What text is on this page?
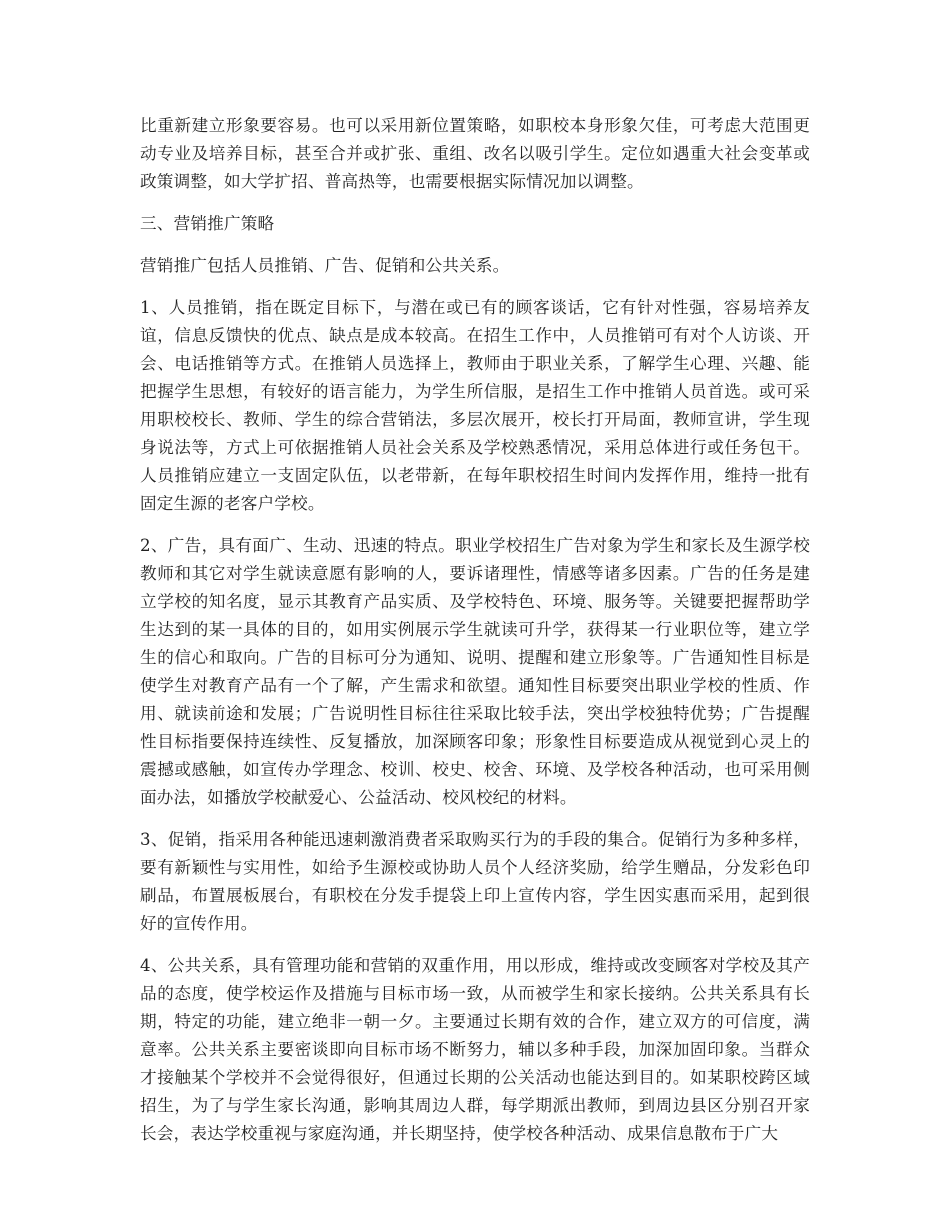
比重新建立形象要容易。也可以采用新位置策略，如职校本身形象欠佳，可考虑大范围更动专业及培养目标，甚至合并或扩张、重组、改名以吸引学生。定位如遇重大社会变革或政策调整，如大学扩招、普高热等，也需要根据实际情况加以调整。

三、营销推广策略

营销推广包括人员推销、广告、促销和公共关系。

1、人员推销，指在既定目标下，与潜在或已有的顾客谈话，它有针对性强，容易培养友谊，信息反馈快的优点、缺点是成本较高。在招生工作中，人员推销可有对个人访谈、开会、电话推销等方式。在推销人员选择上，教师由于职业关系，了解学生心理、兴趣、能把握学生思想，有较好的语言能力，为学生所信服，是招生工作中推销人员首选。或可采用职校校长、教师、学生的综合营销法，多层次展开，校长打开局面，教师宣讲，学生现身说法等，方式上可依据推销人员社会关系及学校熟悉情况，采用总体进行或任务包干。人员推销应建立一支固定队伍，以老带新，在每年职校招生时间内发挥作用，维持一批有固定生源的老客户学校。

2、广告，具有面广、生动、迅速的特点。职业学校招生广告对象为学生和家长及生源学校教师和其它对学生就读意愿有影响的人，要诉诸理性，情感等诸多因素。广告的任务是建立学校的知名度，显示其教育产品实质、及学校特色、环境、服务等。关键要把握帮助学生达到的某一具体的目的，如用实例展示学生就读可升学，获得某一行业职位等，建立学生的信心和取向。广告的目标可分为通知、说明、提醒和建立形象等。广告通知性目标是使学生对教育产品有一个了解，产生需求和欲望。通知性目标要突出职业学校的性质、作用、就读前途和发展；广告说明性目标往往采取比较手法，突出学校独特优势；广告提醒性目标指要保持连续性、反复播放，加深顾客印象；形象性目标要造成从视觉到心灵上的震撼或感触，如宣传办学理念、校训、校史、校舍、环境、及学校各种活动，也可采用侧面办法，如播放学校献爱心、公益活动、校风校纪的材料。

3、促销，指采用各种能迅速刺激消费者采取购买行为的手段的集合。促销行为多种多样，要有新颖性与实用性，如给予生源校或协助人员个人经济奖励，给学生赠品，分发彩色印刷品，布置展板展台，有职校在分发手提袋上印上宣传内容，学生因实惠而采用，起到很好的宣传作用。

4、公共关系，具有管理功能和营销的双重作用，用以形成，维持或改变顾客对学校及其产品的态度，使学校运作及措施与目标市场一致，从而被学生和家长接纳。公共关系具有长期，特定的功能，建立绝非一朝一夕。主要通过长期有效的合作，建立双方的可信度，满意率。公共关系主要密谈即向目标市场不断努力，辅以多种手段，加深加固印象。当群众才接触某个学校并不会觉得很好，但通过长期的公关活动也能达到目的。如某职校跨区域招生，为了与学生家长沟通，影响其周边人群，每学期派出教师，到周边县区分别召开家长会，表达学校重视与家庭沟通，并长期坚持，使学校各种活动、成果信息散布于广大
